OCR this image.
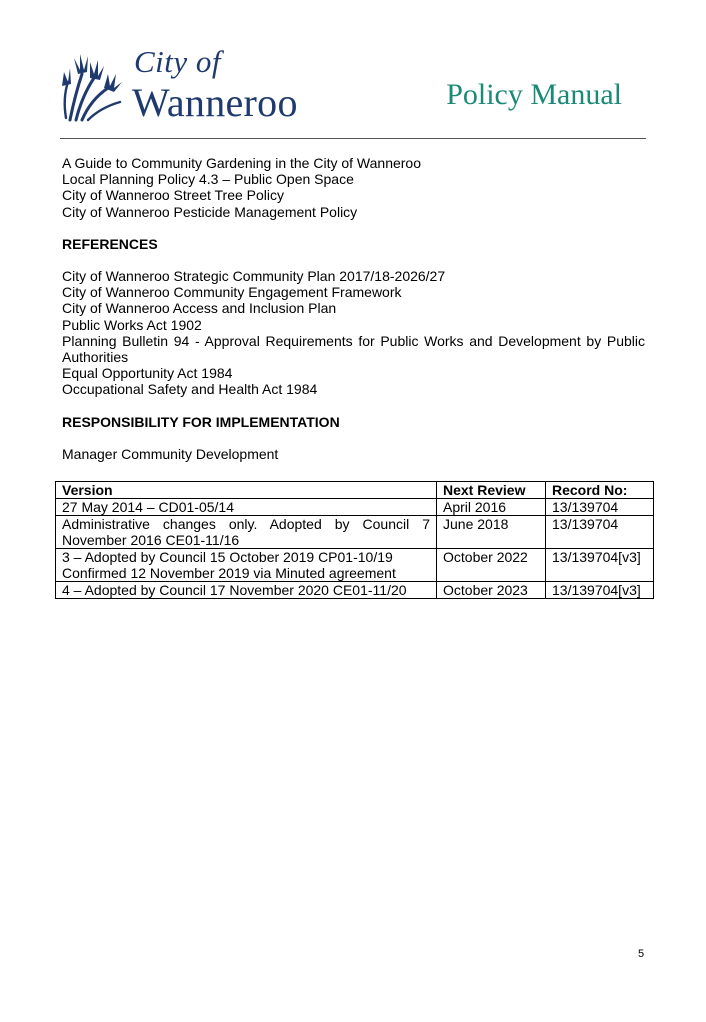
City of
Wanneroo	Policy Manual
A Guide to Community Gardening in the City of Wanneroo
Local Planning Policy 4.3 – Public Open Space
City of Wanneroo Street Tree Policy
City of Wanneroo Pesticide Management Policy
REFERENCES
City of Wanneroo Strategic Community Plan 2017/18-2026/27
City of Wanneroo Community Engagement Framework
City of Wanneroo Access and Inclusion Plan
Public Works Act 1902
Planning Bulletin 94 - Approval Requirements for Public Works and Development by Public Authorities
Equal Opportunity Act 1984
Occupational Safety and Health Act 1984
RESPONSIBILITY FOR IMPLEMENTATION
Manager Community Development
Version	Next Review	Record No:
27 May 2014 – CD01-05/14	April 2016	13/139704
Administrative changes only. Adopted by Council 7 November 2016 CE01-11/16	June 2018	13/139704
3 – Adopted by Council 15 October 2019 CP01-10/19 Confirmed 12 November 2019 via Minuted agreement	October 2022	13/139704[v3]
4 – Adopted by Council 17 November 2020 CE01-11/20	October 2023	13/139704[v3]
5
